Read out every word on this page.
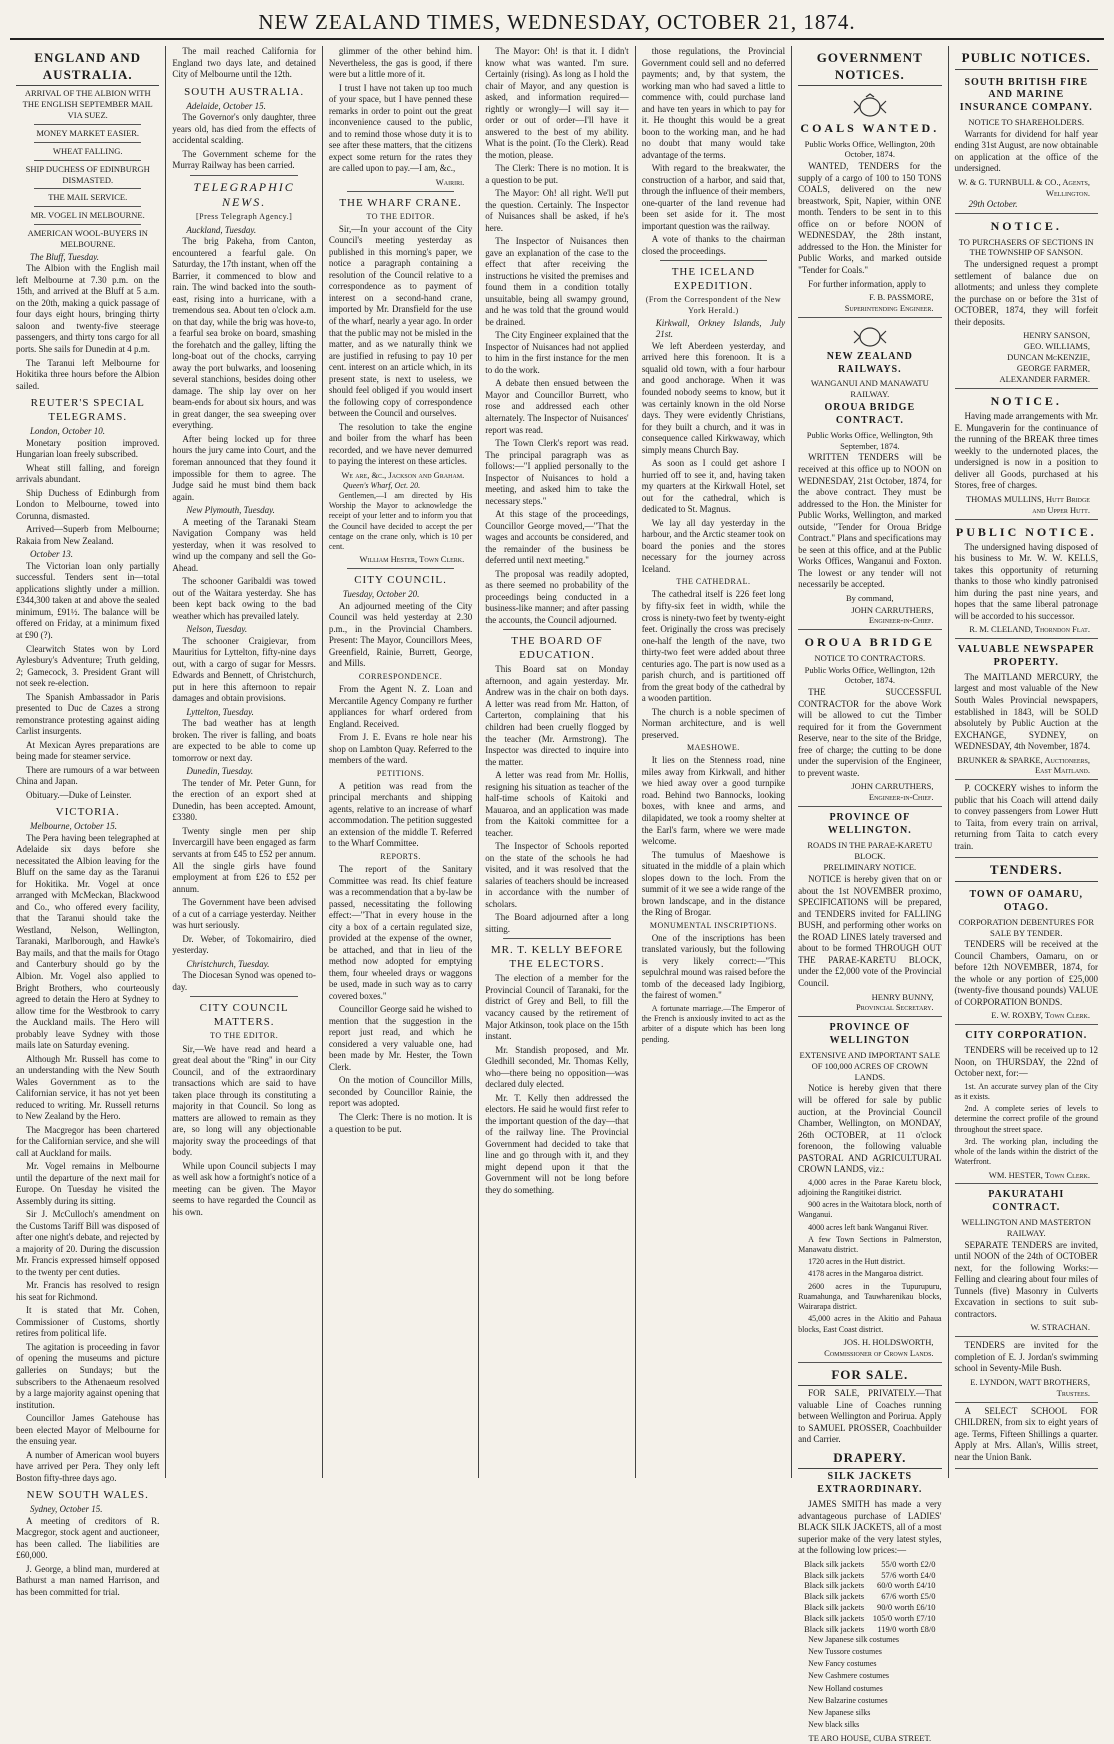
NEW ZEALAND TIMES, WEDNESDAY, OCTOBER 21, 1874.
ENGLAND AND AUSTRALIA.
ARRIVAL OF THE ALBION WITH THE ENGLISH SEPTEMBER MAIL VIA SUEZ.
MONEY MARKET EASIER.
WHEAT FALLING.
SHIP DUCHESS OF EDINBURGH DISMASTED.
THE MAIL SERVICE.
MR. VOGEL IN MELBOURNE.
AMERICAN WOOL-BUYERS IN MELBOURNE.
The Bluff, Tuesday.

The Albion with the English mail left Melbourne at 7.30 p.m. on the 15th, and arrived at the Bluff at 5 a.m. on the 20th, making a quick passage of four days eight hours, bringing thirty saloon and twenty-five steerage passengers, and thirty tons cargo for all ports. She sails for Dunedin at 4 p.m.

The Taranui left Melbourne for Hokitika three hours before the Albion sailed.

REUTER'S SPECIAL TELEGRAMS.
London, October 10.

Monetary position improved. Hungarian loan freely subscribed.

Wheat still falling, and foreign arrivals abundant.

Ship Duchess of Edinburgh from London to Melbourne, towed into Corunna, dismasted.

Arrived—Superb from Melbourne; Rakaia from New Zealand.

October 13.

The Victorian loan only partially successful. Tenders sent in—total applications slightly under a million. £344,300 taken at and above the sealed minimum, £91½. The balance will be offered on Friday, at a minimum fixed at £90 (?).

Clearwitch States won by Lord Aylesbury's Adventure; Truth gelding, 2; Gamecock, 3. President Grant will not seek re-election.

The Spanish Ambassador in Paris presented to Duc de Cazes a strong remonstrance protesting against aiding Carlist insurgents.

At Mexican Ayres preparations are being made for steamer service.

There are rumours of a war between China and Japan.

Obituary.—Duke of Leinster.

VICTORIA.
Melbourne, October 15.

The Pera having been telegraphed at Adelaide six days before she necessitated the Albion leaving for the Bluff on the same day as the Taranui for Hokitika. Mr. Vogel at once arranged with McMeckan, Blackwood and Co., who offered every facility, that the Taranui should take the Westland, Nelson, Wellington, Taranaki, Marlborough, and Hawke's Bay mails, and that the mails for Otago and Canterbury should go by the Albion. Mr. Vogel also applied to Bright Brothers, who courteously agreed to detain the Hero at Sydney to allow time for the Westbrook to carry the Auckland mails. The Hero will probably leave Sydney with those mails late on Saturday evening.

Although Mr. Russell has come to an understanding with the New South Wales Government as to the Californian service, it has not yet been reduced to writing. Mr. Russell returns to New Zealand by the Hero.

The Macgregor has been chartered for the Californian service, and she will call at Auckland for mails.

Mr. Vogel remains in Melbourne until the departure of the next mail for Europe. On Tuesday he visited the Assembly during its sitting.

Sir J. McCulloch's amendment on the Customs Tariff Bill was disposed of after one night's debate, and rejected by a majority of 20. During the discussion Mr. Francis expressed himself opposed to the twenty per cent duties.

Mr. Francis has resolved to resign his seat for Richmond.

It is stated that Mr. Cohen, Commissioner of Customs, shortly retires from political life.

The agitation is proceeding in favor of opening the museums and picture galleries on Sundays; but the subscribers to the Athenaeum resolved by a large majority against opening that institution.

Councillor James Gatehouse has been elected Mayor of Melbourne for the ensuing year.

A number of American wool buyers have arrived per Pera. They only left Boston fifty-three days ago.

NEW SOUTH WALES.
Sydney, October 15.

A meeting of creditors of R. Macgregor, stock agent and auctioneer, has been called. The liabilities are £60,000.

J. George, a blind man, murdered at Bathurst a man named Harrison, and has been committed for trial.

The mail reached California for England two days late, and detained City of Melbourne until the 12th.

SOUTH AUSTRALIA.
Adelaide, October 15.

The Governor's only daughter, three years old, has died from the effects of accidental scalding.

The Government scheme for the Murray Railway has been carried.

TELEGRAPHIC NEWS.
[Press Telegraph Agency.]
Auckland, Tuesday.

The brig Pakeha, from Canton, encountered a fearful gale. On Saturday, the 17th instant, when off the Barrier, it commenced to blow and rain. The wind backed into the south-east, rising into a hurricane, with a tremendous sea. About ten o'clock a.m. on that day, while the brig was hove-to, a fearful sea broke on board, smashing the forehatch and the galley, lifting the long-boat out of the chocks, carrying away the port bulwarks, and loosening several stanchions, besides doing other damage. The ship lay over on her beam-ends for about six hours, and was in great danger, the sea sweeping over everything.

After being locked up for three hours the jury came into Court, and the foreman announced that they found it impossible for them to agree. The Judge said he must bind them back again.

New Plymouth, Tuesday.

A meeting of the Taranaki Steam Navigation Company was held yesterday, when it was resolved to wind up the company and sell the Go-Ahead.

The schooner Garibaldi was towed out of the Waitara yesterday. She has been kept back owing to the bad weather which has prevailed lately.

Nelson, Tuesday.

The schooner Craigievar, from Mauritius for Lyttelton, fifty-nine days out, with a cargo of sugar for Messrs. Edwards and Bennett, of Christchurch, put in here this afternoon to repair damages and obtain provisions.

Lyttelton, Tuesday.

The bad weather has at length broken. The river is falling, and boats are expected to be able to come up tomorrow or next day.

Dunedin, Tuesday.

The tender of Mr. Peter Gunn, for the erection of an export shed at Dunedin, has been accepted. Amount, £3380.

Twenty single men per ship Invercargill have been engaged as farm servants at from £45 to £52 per annum. All the single girls have found employment at from £26 to £52 per annum.

The Government have been advised of a cut of a carriage yesterday. Neither was hurt seriously.

Dr. Weber, of Tokomairiro, died yesterday.

Christchurch, Tuesday.

The Diocesan Synod was opened to-day.

CITY COUNCIL MATTERS.
TO THE EDITOR.

Sir,—We have read and heard a great deal about the "Ring" in our City Council, and of the extraordinary transactions which are said to have taken place through its constituting a majority in that Council. So long as matters are allowed to remain as they are, so long will any objectionable majority sway the proceedings of that body.

While upon Council subjects I may as well ask how a fortnight's notice of a meeting can be given. The Mayor seems to have regarded the Council as his own.

glimmer of the other behind him. Nevertheless, the gas is good, if there were but a little more of it.

I trust I have not taken up too much of your space, but I have penned these remarks in order to point out the great inconvenience caused to the public, and to remind those whose duty it is to see after these matters, that the citizens expect some return for the rates they are called upon to pay.—I am, &c.,

Wairiri.
THE WHARF CRANE.
TO THE EDITOR.

Sir,—In your account of the City Council's meeting yesterday as published in this morning's paper, we notice a paragraph containing a resolution of the Council relative to a correspondence as to payment of interest on a second-hand crane, imported by Mr. Dransfield for the use of the wharf, nearly a year ago. In order that the public may not be misled in the matter, and as we naturally think we are justified in refusing to pay 10 per cent. interest on an article which, in its present state, is next to useless, we should feel obliged if you would insert the following copy of correspondence between the Council and ourselves.

The resolution to take the engine and boiler from the wharf has been recorded, and we have never demurred to paying the interest on these articles.

We are, &c., Jackson and Graham.
Queen's Wharf, Oct. 20.

Gentlemen,—I am directed by His Worship the Mayor to acknowledge the receipt of your letter and to inform you that the Council have decided to accept the per centage on the crane only, which is 10 per cent.

William Hester, Town Clerk.
CITY COUNCIL.
Tuesday, October 20.

An adjourned meeting of the City Council was held yesterday at 2.30 p.m., in the Provincial Chambers. Present: The Mayor, Councillors Mees, Greenfield, Rainie, Burrett, George, and Mills.

CORRESPONDENCE.

From the Agent N. Z. Loan and Mercantile Agency Company re further appliances for wharf ordered from England. Received.

From J. E. Evans re hole near his shop on Lambton Quay. Referred to the members of the ward.

PETITIONS.

A petition was read from the principal merchants and shipping agents, relative to an increase of wharf accommodation. The petition suggested an extension of the middle T. Referred to the Wharf Committee.

REPORTS.

The report of the Sanitary Committee was read. Its chief feature was a recommendation that a by-law be passed, necessitating the following effect:—"That in every house in the city a box of a certain regulated size, provided at the expense of the owner, be attached, and that in lieu of the method now adopted for emptying them, four wheeled drays or waggons be used, made in such way as to carry covered boxes."

Councillor George said he wished to mention that the suggestion in the report just read, and which he considered a very valuable one, had been made by Mr. Hester, the Town Clerk.

On the motion of Councillor Mills, seconded by Councillor Rainie, the report was adopted.

The Clerk: There is no motion. It is a question to be put.

The Mayor: Oh! is that it. I didn't know what was wanted. I'm sure. Certainly (rising). As long as I hold the chair of Mayor, and any question is asked, and information required—rightly or wrongly—I will say it—order or out of order—I'll have it answered to the best of my ability. What is the point. (To the Clerk). Read the motion, please.

The Clerk: There is no motion. It is a question to be put.

The Mayor: Oh! all right. We'll put the question. Certainly. The Inspector of Nuisances shall be asked, if he's here.

The Inspector of Nuisances then gave an explanation of the case to the effect that after receiving the instructions he visited the premises and found them in a condition totally unsuitable, being all swampy ground, and he was told that the ground would be drained.

The City Engineer explained that the Inspector of Nuisances had not applied to him in the first instance for the men to do the work.

A debate then ensued between the Mayor and Councillor Burrett, who rose and addressed each other alternately. The Inspector of Nuisances' report was read.

The Town Clerk's report was read. The principal paragraph was as follows:—"I applied personally to the Inspector of Nuisances to hold a meeting, and asked him to take the necessary steps."

At this stage of the proceedings, Councillor George moved,—"That the wages and accounts be considered, and the remainder of the business be deferred until next meeting."

The proposal was readily adopted, as there seemed no probability of the proceedings being conducted in a business-like manner; and after passing the accounts, the Council adjourned.

THE BOARD OF EDUCATION.

This Board sat on Monday afternoon, and again yesterday. Mr. Andrew was in the chair on both days. A letter was read from Mr. Hatton, of Carterton, complaining that his children had been cruelly flogged by the teacher (Mr. Armstrong). The Inspector was directed to inquire into the matter.

A letter was read from Mr. Hollis, resigning his situation as teacher of the half-time schools of Kaitoki and Mauaroa, and an application was made from the Kaitoki committee for a teacher.

The Inspector of Schools reported on the state of the schools he had visited, and it was resolved that the salaries of teachers should be increased in accordance with the number of scholars.

The Board adjourned after a long sitting.

MR. T. KELLY BEFORE THE ELECTORS.

The election of a member for the Provincial Council of Taranaki, for the district of Grey and Bell, to fill the vacancy caused by the retirement of Major Atkinson, took place on the 15th instant.

Mr. Standish proposed, and Mr. Gledhill seconded, Mr. Thomas Kelly, who—there being no opposition—was declared duly elected.

Mr. T. Kelly then addressed the electors. He said he would first refer to the important question of the day—that of the railway line. The Provincial Government had decided to take that line and go through with it, and they might depend upon it that the Government will not be long before they do something.

those regulations, the Provincial Government could sell and no deferred payments; and, by that system, the working man who had saved a little to commence with, could purchase land and have ten years in which to pay for it. He thought this would be a great boon to the working man, and he had no doubt that many would take advantage of the terms.

With regard to the breakwater, the construction of a harbor, and said that, through the influence of their members, one-quarter of the land revenue had been set aside for it. The most important question was the railway.

A vote of thanks to the chairman closed the proceedings.

THE ICELAND EXPEDITION.
(From the Correspondent of the New York Herald.)
Kirkwall, Orkney Islands, July 21st.

We left Aberdeen yesterday, and arrived here this forenoon. It is a squalid old town, with a four harbour and good anchorage. When it was founded nobody seems to know, but it was certainly known in the old Norse days. They were evidently Christians, for they built a church, and it was in consequence called Kirkwaway, which simply means Church Bay.

As soon as I could get ashore I hurried off to see it, and, having taken my quarters at the Kirkwall Hotel, set out for the cathedral, which is dedicated to St. Magnus.

We lay all day yesterday in the harbour, and the Arctic steamer took on board the ponies and the stores necessary for the journey across Iceland.

THE CATHEDRAL.

The cathedral itself is 226 feet long by fifty-six feet in width, while the cross is ninety-two feet by twenty-eight feet. Originally the cross was precisely one-half the length of the nave, two thirty-two feet were added about three centuries ago. The part is now used as a parish church, and is partitioned off from the great body of the cathedral by a wooden partition.

The church is a noble specimen of Norman architecture, and is well preserved.

MAESHOWE.

It lies on the Stenness road, nine miles away from Kirkwall, and hither we hied away over a good turnpike road. Behind two Bannocks, looking boxes, with knee and arms, and dilapidated, we took a roomy shelter at the Earl's farm, where we were made welcome.

The tumulus of Maeshowe is situated in the middle of a plain which slopes down to the loch. From the summit of it we see a wide range of the brown landscape, and in the distance the Ring of Brogar.

MONUMENTAL INSCRIPTIONS.

One of the inscriptions has been translated variously, but the following is very likely correct:—"This sepulchral mound was raised before the tomb of the deceased lady Ingibiorg, the fairest of women."

A fortunate marriage.—The Emperor of the French is anxiously invited to act as the arbiter of a dispute which has been long pending.

GOVERNMENT NOTICES.
COALS WANTED.
Public Works Office, Wellington, 20th October, 1874.

WANTED, TENDERS for the supply of a cargo of 100 to 150 TONS COALS, delivered on the new breastwork, Spit, Napier, within ONE month. Tenders to be sent in to this office on or before NOON of WEDNESDAY, the 28th instant, addressed to the Hon. the Minister for Public Works, and marked outside "Tender for Coals."

For further information, apply to

F. B. PASSMORE,
Superintending Engineer.
NEW ZEALAND RAILWAYS.
WANGANUI AND MANAWATU RAILWAY.
OROUA BRIDGE CONTRACT.
Public Works Office, Wellington, 9th September, 1874.

WRITTEN TENDERS will be received at this office up to NOON on WEDNESDAY, 21st October, 1874, for the above contract. They must be addressed to the Hon. the Minister for Public Works, Wellington, and marked outside, "Tender for Oroua Bridge Contract." Plans and specifications may be seen at this office, and at the Public Works Offices, Wanganui and Foxton. The lowest or any tender will not necessarily be accepted.

By command,
JOHN CARRUTHERS,
Engineer-in-Chief.
OROUA BRIDGE
NOTICE TO CONTRACTORS.
Public Works Office, Wellington, 12th October, 1874.

THE SUCCESSFUL CONTRACTOR for the above Work will be allowed to cut the Timber required for it from the Government Reserve, near to the site of the Bridge, free of charge; the cutting to be done under the supervision of the Engineer, to prevent waste.

JOHN CARRUTHERS,
Engineer-in-Chief.
PROVINCE OF WELLINGTON.
ROADS IN THE PARAE-KARETU BLOCK.
PRELIMINARY NOTICE.

NOTICE is hereby given that on or about the 1st NOVEMBER proximo, SPECIFICATIONS will be prepared, and TENDERS invited for FALLING BUSH, and performing other works on the ROAD LINES lately traversed and about to be formed THROUGH OUT THE PARAE-KARETU BLOCK, under the £2,000 vote of the Provincial Council.

HENRY BUNNY,
Provincial Secretary.
PROVINCE OF WELLINGTON
EXTENSIVE AND IMPORTANT SALE OF 100,000 ACRES OF CROWN LANDS.

Notice is hereby given that there will be offered for sale by public auction, at the Provincial Council Chamber, Wellington, on MONDAY, 26th OCTOBER, at 11 o'clock forenoon, the following valuable PASTORAL AND AGRICULTURAL CROWN LANDS, viz.:

4,000 acres in the Parae Karetu block, adjoining the Rangitikei district.

900 acres in the Waitotara block, north of Wanganui.

4000 acres left bank Wanganui River.

A few Town Sections in Palmerston, Manawatu district.

1720 acres in the Hutt district.

4178 acres in the Mangaroa district.

2600 acres in the Tupurupuru, Ruamahunga, and Tauwharenikau blocks, Wairarapa district.

45,000 acres in the Akitio and Pahaua blocks, East Coast district.

JOS. H. HOLDSWORTH,
Commissioner of Crown Lands.
FOR SALE.

FOR SALE, PRIVATELY.—That valuable Line of Coaches running between Wellington and Porirua. Apply to SAMUEL PROSSER, Coachbuilder and Carrier.

DRAPERY.
SILK JACKETS EXTRAORDINARY.

JAMES SMITH has made a very advantageous purchase of LADIES' BLACK SILK JACKETS, all of a most superior make of the very latest styles, at the following low prices:—

Black silk jackets 55/0 worth £2/0
Black silk jackets 57/6 worth £4/0
Black silk jackets 60/0 worth £4/10
Black silk jackets 67/6 worth £5/0
Black silk jackets 90/0 worth £6/10
Black silk jackets 105/0 worth £7/10
Black silk jackets 119/0 worth £8/0

New Japanese silk costumes

New Tussore costumes

New Fancy costumes

New Cashmere costumes

New Holland costumes

New Balzarine costumes

New Japanese silks

New black silks

TE ARO HOUSE, CUBA STREET.
PUBLIC NOTICES.
SOUTH BRITISH FIRE AND MARINE INSURANCE COMPANY.
NOTICE TO SHAREHOLDERS.

Warrants for dividend for half year ending 31st August, are now obtainable on application at the office of the undersigned.

W. & G. TURNBULL & CO., Agents, Wellington.
29th October.
NOTICE.
TO PURCHASERS OF SECTIONS IN THE TOWNSHIP OF SANSON.

The undersigned request a prompt settlement of balance due on allotments; and unless they complete the purchase on or before the 31st of OCTOBER, 1874, they will forfeit their deposits.

HENRY SANSON,
GEO. WILLIAMS,
DUNCAN McKENZIE,
GEORGE FARMER,
ALEXANDER FARMER.
NOTICE.

Having made arrangements with Mr. E. Mungaverin for the continuance of the running of the BREAK three times weekly to the undernoted places, the undersigned is now in a position to deliver all Goods, purchased at his Stores, free of charges.

THOMAS MULLINS, Hutt Bridge and Upper Hutt.
PUBLIC NOTICE.

The undersigned having disposed of his business to Mr. W. W. KELLS, takes this opportunity of returning thanks to those who kindly patronised him during the past nine years, and hopes that the same liberal patronage will be accorded to his successor.

R. M. CLELAND, Thorndon Flat.
VALUABLE NEWSPAPER PROPERTY.

The MAITLAND MERCURY, the largest and most valuable of the New South Wales Provincial newspapers, established in 1843, will be SOLD absolutely by Public Auction at the EXCHANGE, SYDNEY, on WEDNESDAY, 4th November, 1874.

BRUNKER & SPARKE, Auctioneers, East Maitland.

P. COCKERY wishes to inform the public that his Coach will attend daily to convey passengers from Lower Hutt to Taita, from every train on arrival, returning from Taita to catch every train.

TENDERS.
TOWN OF OAMARU, OTAGO.
CORPORATION DEBENTURES FOR SALE BY TENDER.

TENDERS will be received at the Council Chambers, Oamaru, on or before 12th NOVEMBER, 1874, for the whole or any portion of £25,000 (twenty-five thousand pounds) VALUE of CORPORATION BONDS.

E. W. ROXBY, Town Clerk.
CITY CORPORATION.

TENDERS will be received up to 12 Noon, on THURSDAY, the 22nd of October next, for:—

1st. An accurate survey plan of the City as it exists.

2nd. A complete series of levels to determine the correct profile of the ground throughout the street space.

3rd. The working plan, including the whole of the lands within the district of the Waterfront.

WM. HESTER, Town Clerk.
PAKURATAHI CONTRACT.
WELLINGTON AND MASTERTON RAILWAY.

SEPARATE TENDERS are invited, until NOON of the 24th of OCTOBER next, for the following Works:— Felling and clearing about four miles of Tunnels (five) Masonry in Culverts Excavation in sections to suit sub-contractors.

W. STRACHAN.

TENDERS are invited for the completion of E. J. Jordan's swimming school in Seventy-Mile Bush.

E. LYNDON, WATT BROTHERS, Trustees.

A SELECT SCHOOL FOR CHILDREN, from six to eight years of age. Terms, Fifteen Shillings a quarter. Apply at Mrs. Allan's, Willis street, near the Union Bank.
